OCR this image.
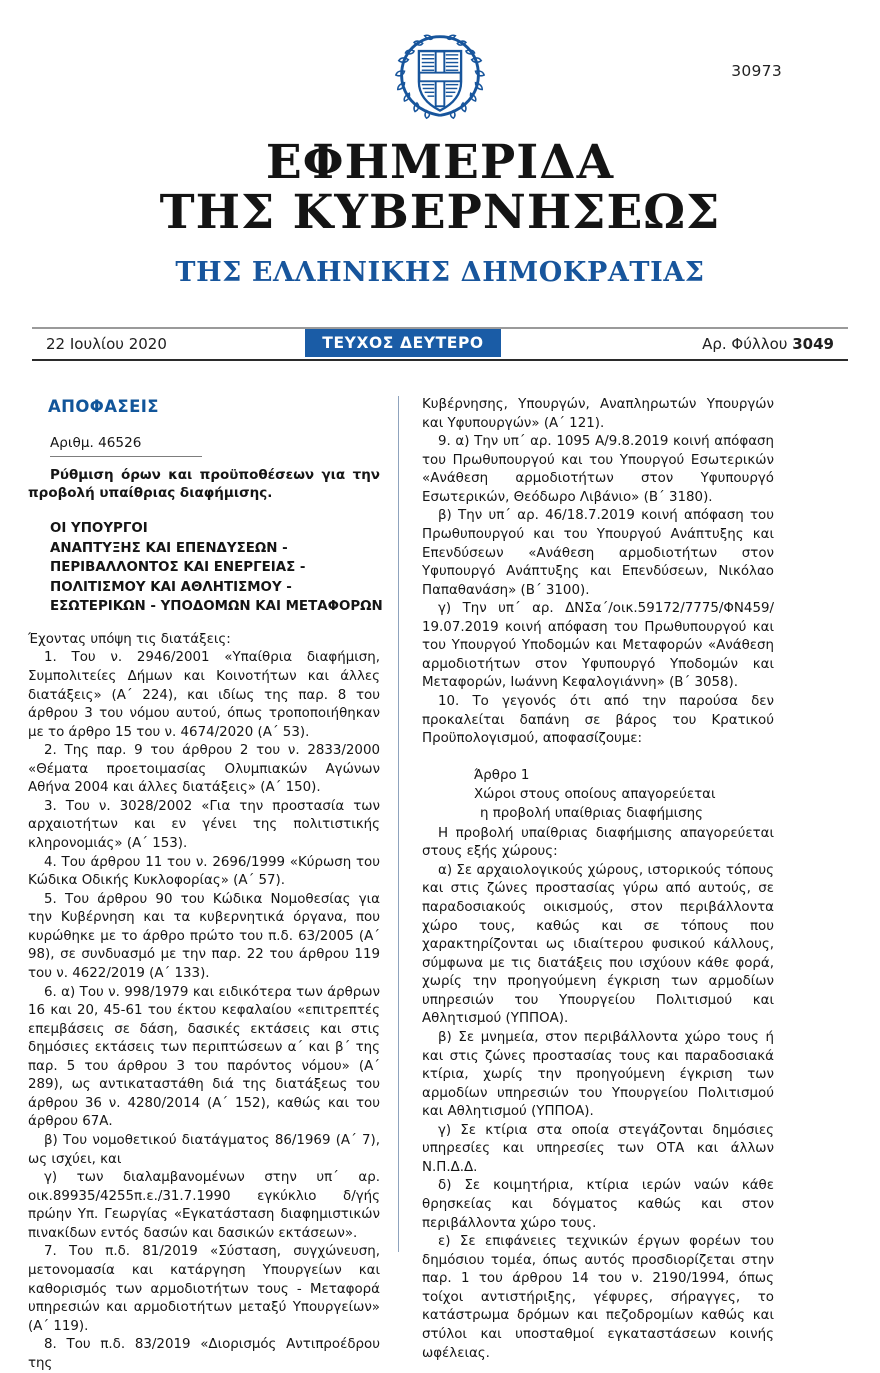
30973
ΕΦΗΜΕΡΙΔΑ
ΤΗΣ ΚΥΒΕΡΝΗΣΕΩΣ
ΤΗΣ ΕΛΛΗΝΙΚΗΣ ΔΗΜΟΚΡΑΤΙΑΣ
22 Ιουλίου 2020	ΤΕΥΧΟΣ ΔΕΥΤΕΡΟ	Αρ. Φύλλου 3049
ΑΠΟΦΑΣΕΙΣ
Αριθμ. 46526
Ρύθμιση όρων και προϋποθέσεων για την προβολή υπαίθριας διαφήμισης.
ΟΙ ΥΠΟΥΡΓΟΙ
ΑΝΑΠΤΥΞΗΣ ΚΑΙ ΕΠΕΝΔΥΣΕΩΝ -
ΠΕΡΙΒΑΛΛΟΝΤΟΣ ΚΑΙ ΕΝΕΡΓΕΙΑΣ -
ΠΟΛΙΤΙΣΜΟΥ ΚΑΙ ΑΘΛΗΤΙΣΜΟΥ -
ΕΣΩΤΕΡΙΚΩΝ - ΥΠΟΔΟΜΩΝ ΚΑΙ ΜΕΤΑΦΟΡΩΝ

Έχοντας υπόψη τις διατάξεις:

1. Του ν. 2946/2001 «Υπαίθρια διαφήμιση, Συμπολιτείες Δήμων και Κοινοτήτων και άλλες διατάξεις» (Α΄ 224), και ιδίως της παρ. 8 του άρθρου 3 του νόμου αυτού, όπως τροποποιήθηκαν με το άρθρο 15 του ν. 4674/2020 (Α΄ 53).

2. Της παρ. 9 του άρθρου 2 του ν. 2833/2000 «Θέματα προετοιμασίας Ολυμπιακών Αγώνων Αθήνα 2004 και άλλες διατάξεις» (Α΄ 150).

3. Του ν. 3028/2002 «Για την προστασία των αρχαιοτήτων και εν γένει της πολιτιστικής κληρονομιάς» (Α΄ 153).

4. Του άρθρου 11 του ν. 2696/1999 «Κύρωση του Κώδικα Οδικής Κυκλοφορίας» (Α΄ 57).

5. Του άρθρου 90 του Κώδικα Νομοθεσίας για την Κυβέρνηση και τα κυβερνητικά όργανα, που κυρώθηκε με το άρθρο πρώτο του π.δ. 63/2005 (Α΄ 98), σε συνδυασμό με την παρ. 22 του άρθρου 119 του ν. 4622/2019 (Α΄ 133).

6. α) Του ν. 998/1979 και ειδικότερα των άρθρων 16 και 20, 45-61 του έκτου κεφαλαίου «επιτρεπτές επεμβάσεις σε δάση, δασικές εκτάσεις και στις δημόσιες εκτάσεις των περιπτώσεων α΄ και β΄ της παρ. 5 του άρθρου 3 του παρόντος νόμου» (Α΄ 289), ως αντικαταστάθη διά της διατάξεως του άρθρου 36 ν. 4280/2014 (Α΄ 152), καθώς και του άρθρου 67Α.

β) Του νομοθετικού διατάγματος 86/1969 (Α΄ 7), ως ισχύει, και

γ) των διαλαμβανομένων στην υπ΄ αρ. οικ.89935/4255π.ε./31.7.1990 εγκύκλιο δ/γής πρώην Υπ. Γεωργίας «Εγκατάσταση διαφημιστικών πινακίδων εντός δασών και δασικών εκτάσεων».

7. Του π.δ. 81/2019 «Σύσταση, συγχώνευση, μετονομασία και κατάργηση Υπουργείων και καθορισμός των αρμοδιοτήτων τους - Μεταφορά υπηρεσιών και αρμοδιοτήτων μεταξύ Υπουργείων» (Α΄ 119).

8. Του π.δ. 83/2019 «Διορισμός Αντιπροέδρου της

Κυβέρνησης, Υπουργών, Αναπληρωτών Υπουργών και Υφυπουργών» (Α΄ 121).

9. α) Την υπ΄ αρ. 1095 Α/9.8.2019 κοινή απόφαση του Πρωθυπουργού και του Υπουργού Εσωτερικών «Ανάθεση αρμοδιοτήτων στον Υφυπουργό Εσωτερικών, Θεόδωρο Λιβάνιο» (Β΄ 3180).

β) Την υπ΄ αρ. 46/18.7.2019 κοινή απόφαση του Πρωθυπουργού και του Υπουργού Ανάπτυξης και Επενδύσεων «Ανάθεση αρμοδιοτήτων στον Υφυπουργό Ανάπτυξης και Επενδύσεων, Νικόλαο Παπαθανάση» (Β΄ 3100).

γ) Την υπ΄ αρ. ΔΝΣα΄/οικ.59172/7775/ΦΝ459/ 19.07.2019 κοινή απόφαση του Πρωθυπουργού και του Υπουργού Υποδομών και Μεταφορών «Ανάθεση αρμοδιοτήτων στον Υφυπουργό Υποδομών και Μεταφορών, Ιωάννη Κεφαλογιάννη» (Β΄ 3058).

10. Το γεγονός ότι από την παρούσα δεν προκαλείται δαπάνη σε βάρος του Κρατικού Προϋπολογισμού, αποφασίζουμε:

Άρθρο 1
Χώροι στους οποίους απαγορεύεται
η προβολή υπαίθριας διαφήμισης

Η προβολή υπαίθριας διαφήμισης απαγορεύεται στους εξής χώρους:

α) Σε αρχαιολογικούς χώρους, ιστορικούς τόπους και στις ζώνες προστασίας γύρω από αυτούς, σε παραδοσιακούς οικισμούς, στον περιβάλλοντα χώρο τους, καθώς και σε τόπους που χαρακτηρίζονται ως ιδιαίτερου φυσικού κάλλους, σύμφωνα με τις διατάξεις που ισχύουν κάθε φορά, χωρίς την προηγούμενη έγκριση των αρμοδίων υπηρεσιών του Υπουργείου Πολιτισμού και Αθλητισμού (ΥΠΠΟΑ).

β) Σε μνημεία, στον περιβάλλοντα χώρο τους ή και στις ζώνες προστασίας τους και παραδοσιακά κτίρια, χωρίς την προηγούμενη έγκριση των αρμοδίων υπηρεσιών του Υπουργείου Πολιτισμού και Αθλητισμού (ΥΠΠΟΑ).

γ) Σε κτίρια στα οποία στεγάζονται δημόσιες υπηρεσίες και υπηρεσίες των ΟΤΑ και άλλων Ν.Π.Δ.Δ.

δ) Σε κοιμητήρια, κτίρια ιερών ναών κάθε θρησκείας και δόγματος καθώς και στον περιβάλλοντα χώρο τους.

ε) Σε επιφάνειες τεχνικών έργων φορέων του δημόσιου τομέα, όπως αυτός προσδιορίζεται στην παρ. 1 του άρθρου 14 του ν. 2190/1994, όπως τοίχοι αντιστήριξης, γέφυρες, σήραγγες, το κατάστρωμα δρόμων και πεζοδρομίων καθώς και στύλοι και υποσταθμοί εγκαταστάσεων κοινής ωφέλειας.
